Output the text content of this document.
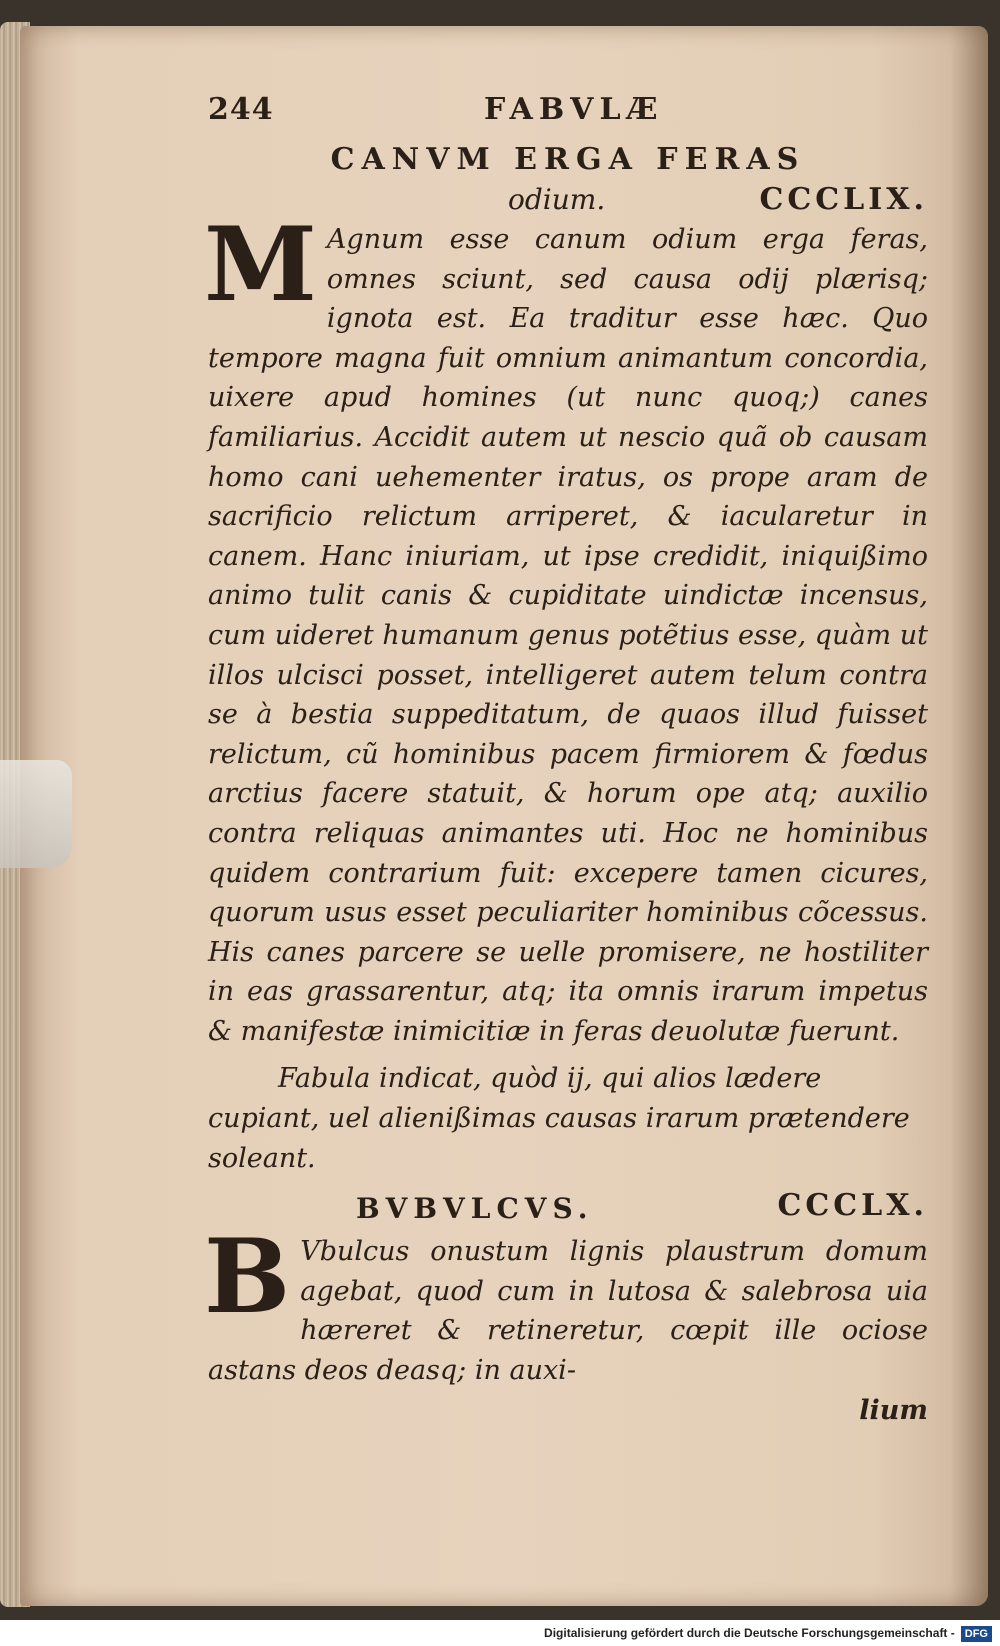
244	FABVLÆ
CANVM ERGA FERAS
odium.	CCCLIX.

M Agnum esse canum odium erga feras, omnes sciunt, sed causa odij plærisq; ignota est. Ea traditur esse hæc. Quo tempore magna fuit omnium animantum concordia, uixere apud homines (ut nunc quoq;) canes familiarius. Accidit autem ut nescio quã ob causam homo cani uehementer iratus, os prope aram de sacrificio relictum arriperet, & iacularetur in canem. Hanc iniuriam, ut ipse credidit, iniquißimo animo tulit canis & cupiditate uindictæ incensus, cum uideret humanum genus potẽtius esse, quàm ut illos ulcisci posset, intelligeret autem telum contra se à bestia suppeditatum, de quaos illud fuisset relictum, cũ hominibus pacem firmiorem & fœdus arctius facere statuit, & horum ope atq; auxilio contra reliquas animantes uti. Hoc ne hominibus quidem contrarium fuit: excepere tamen cicures, quorum usus esset peculiariter hominibus cõcessus. His canes parcere se uelle promisere, ne hostiliter in eas grassarentur, atq; ita omnis irarum impetus & manifestæ inimicitiæ in feras deuolutæ fuerunt.

Fabula indicat, quòd ij, qui alios lædere cupiant, uel alienißimas causas irarum prætendere soleant.

BVBVLCVS.	CCCLX.

B Vbulcus onustum lignis plaustrum domum agebat, quod cum in lutosa & salebrosa uia hæreret & retineretur, cœpit ille ociose astans deos deasq; in auxi-

lium
Digitalisierung gefördert durch die Deutsche Forschungsgemeinschaft - DFG
